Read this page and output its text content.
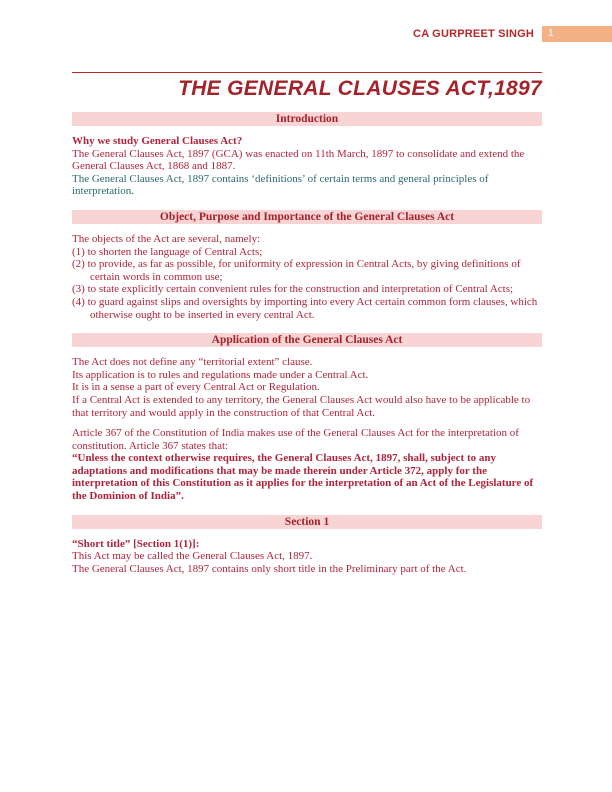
CA GURPREET SINGH	1
THE GENERAL CLAUSES ACT,1897
Introduction

Why we study General Clauses Act?

The General Clauses Act, 1897 (GCA) was enacted on 11th March, 1897 to consolidate and extend the General Clauses Act, 1868 and 1887.

The General Clauses Act, 1897 contains ‘definitions’ of certain terms and general principles of interpretation.

Object, Purpose and Importance of the General Clauses Act

The objects of the Act are several, namely:

(1) to shorten the language of Central Acts;

(2) to provide, as far as possible, for uniformity of expression in Central Acts, by giving definitions of certain words in common use;

(3) to state explicitly certain convenient rules for the construction and interpretation of Central Acts;

(4) to guard against slips and oversights by importing into every Act certain common form clauses, which otherwise ought to be inserted in every central Act.

Application of the General Clauses Act

The Act does not define any “territorial extent” clause.

Its application is to rules and regulations made under a Central Act.

It is in a sense a part of every Central Act or Regulation.

If a Central Act is extended to any territory, the General Clauses Act would also have to be applicable to that territory and would apply in the construction of that Central Act.

Article 367 of the Constitution of India makes use of the General Clauses Act for the interpretation of constitution. Article 367 states that:

“Unless the context otherwise requires, the General Clauses Act, 1897, shall, subject to any adaptations and modifications that may be made therein under Article 372, apply for the interpretation of this Constitution as it applies for the interpretation of an Act of the Legislature of the Dominion of India”.

Section 1

“Short title” [Section 1(1)]:

This Act may be called the General Clauses Act, 1897.

The General Clauses Act, 1897 contains only short title in the Preliminary part of the Act.
